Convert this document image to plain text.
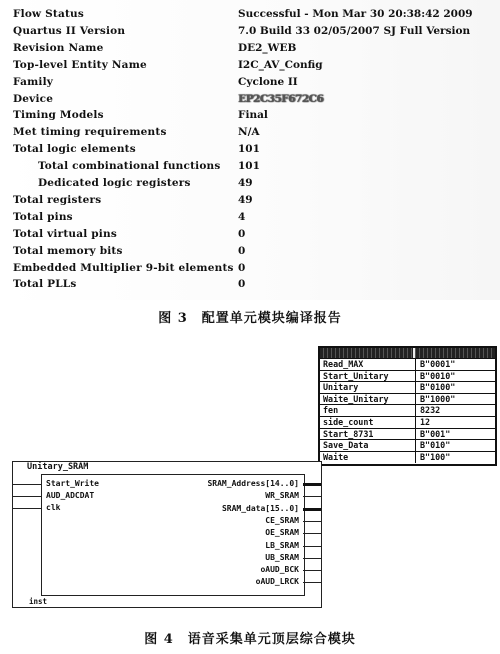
Flow Status	Successful - Mon Mar 30 20:38:42 2009
Quartus II Version	7.0 Build 33 02/05/2007 SJ Full Version
Revision Name	DE2_WEB
Top-level Entity Name	I2C_AV_Config
Family	Cyclone II
Device	EP2C35F672C6
Timing Models	Final
Met timing requirements	N/A
Total logic elements	101
Total combinational functions 101
Dedicated logic registers	49
Total registers	49
Total pins	4
Total virtual pins	0
Total memory bits	0
Embedded Multiplier 9-bit elements 0
Total PLLs	0
图 3　配置单元模块编译报告
Read_MAX	B"0001"
Start_Unitary	B"0010"
Unitary	B"0100"
Waite_Unitary	B"1000"
fen	8232
side_count	12
Start_8731	B"001"
Save_Data	B"010"
Waite	B"100"
Unitary_SRAM
inst
Start_Write
AUD_ADCDAT
clk
SRAM_Address[14..0]
WR_SRAM
SRAM_data[15..0]
CE_SRAM
OE_SRAM
LB_SRAM
UB_SRAM
oAUD_BCK
oAUD_LRCK
图 4　语音采集单元顶层综合模块
